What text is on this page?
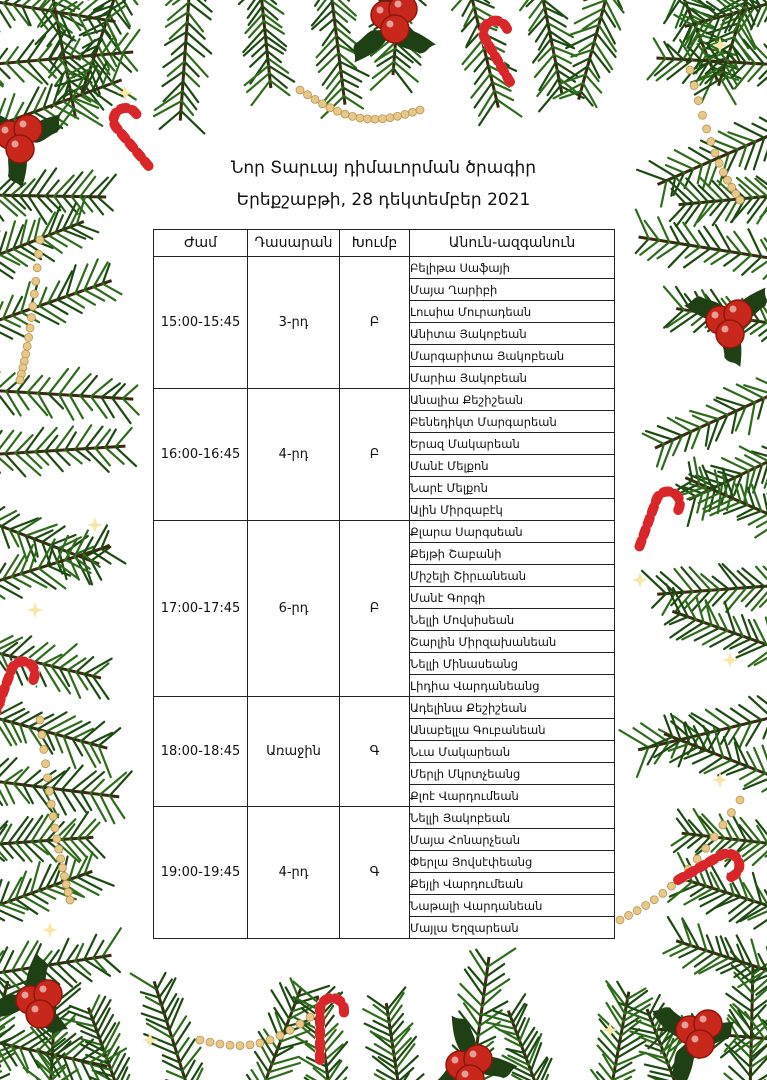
Նոր Տարւայ դիմաւորման ծրագիր
Երեքշաբթի, 28 դեկտեմբեր 2021
Ժամ	Դասարան	Խումբ	Անուն-ազգանուն
15:00-15:45	3-րդ	Բ	Բելիթա Սաֆայի
			Մայա Ղարիբի
			Լուսիա Մուրադեան
			Անիտա Յակոբեան
			Մարգարիտա Յակոբեան
			Մարիա Յակոբեան
16:00-16:45	4-րդ	Բ	Անալիա Քեշիշեան
			Բենեդիկտ Մարգարեան
			Երազ Մակարեան
			Մանէ Մելքոն
			Նարէ Մելքոն
			Ալին Միրզաբէկ
17:00-17:45	6-րդ	Բ	Քլարա Սարգսեան
			Քեյթի Շաբանի
			Միշելի Շիրւանեան
			Մանէ Գորգի
			Նելլի Մովսիսեան
			Շարլին Միրզախանեան
			Նելլի Մինասեանց
			Լիդիա Վարդանեանց
18:00-18:45	Առաջին	Գ	Ադելինա Քեշիշեան
			Անաբելլա Գուբանեան
			Նւա Մակարեան
			Մերլի Մկրտչեանց
			Քլոէ Վարդումեան
19:00-19:45	4-րդ	Գ	Նելլի Յակոբեան
			Մայա Հոնարչեան
			Փերլա Յովսէփեանց
			Քեյլի Վարդումեան
			Նաթալի Վարդանեան
			Մայլա Եղզարեան
